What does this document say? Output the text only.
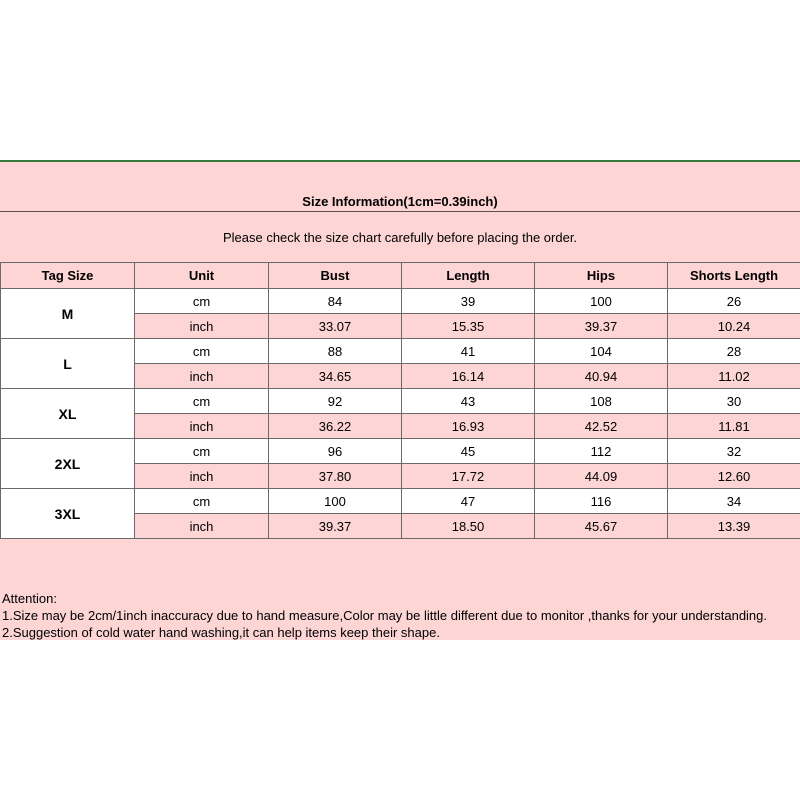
Size Information(1cm=0.39inch)
Please check the size chart carefully before placing the order.
Tag Size	Unit	Bust	Length	Hips	Shorts Length
M	cm	84	39	100	26
	inch	33.07	15.35	39.37	10.24
L	cm	88	41	104	28
	inch	34.65	16.14	40.94	11.02
XL	cm	92	43	108	30
	inch	36.22	16.93	42.52	11.81
2XL	cm	96	45	112	32
	inch	37.80	17.72	44.09	12.60
3XL	cm	100	47	116	34
	inch	39.37	18.50	45.67	13.39
Attention:
1.Size may be 2cm/1inch inaccuracy due to hand measure,Color may be little different due to monitor ,thanks for your understanding.
2.Suggestion of cold water hand washing,it can help items keep their shape.
